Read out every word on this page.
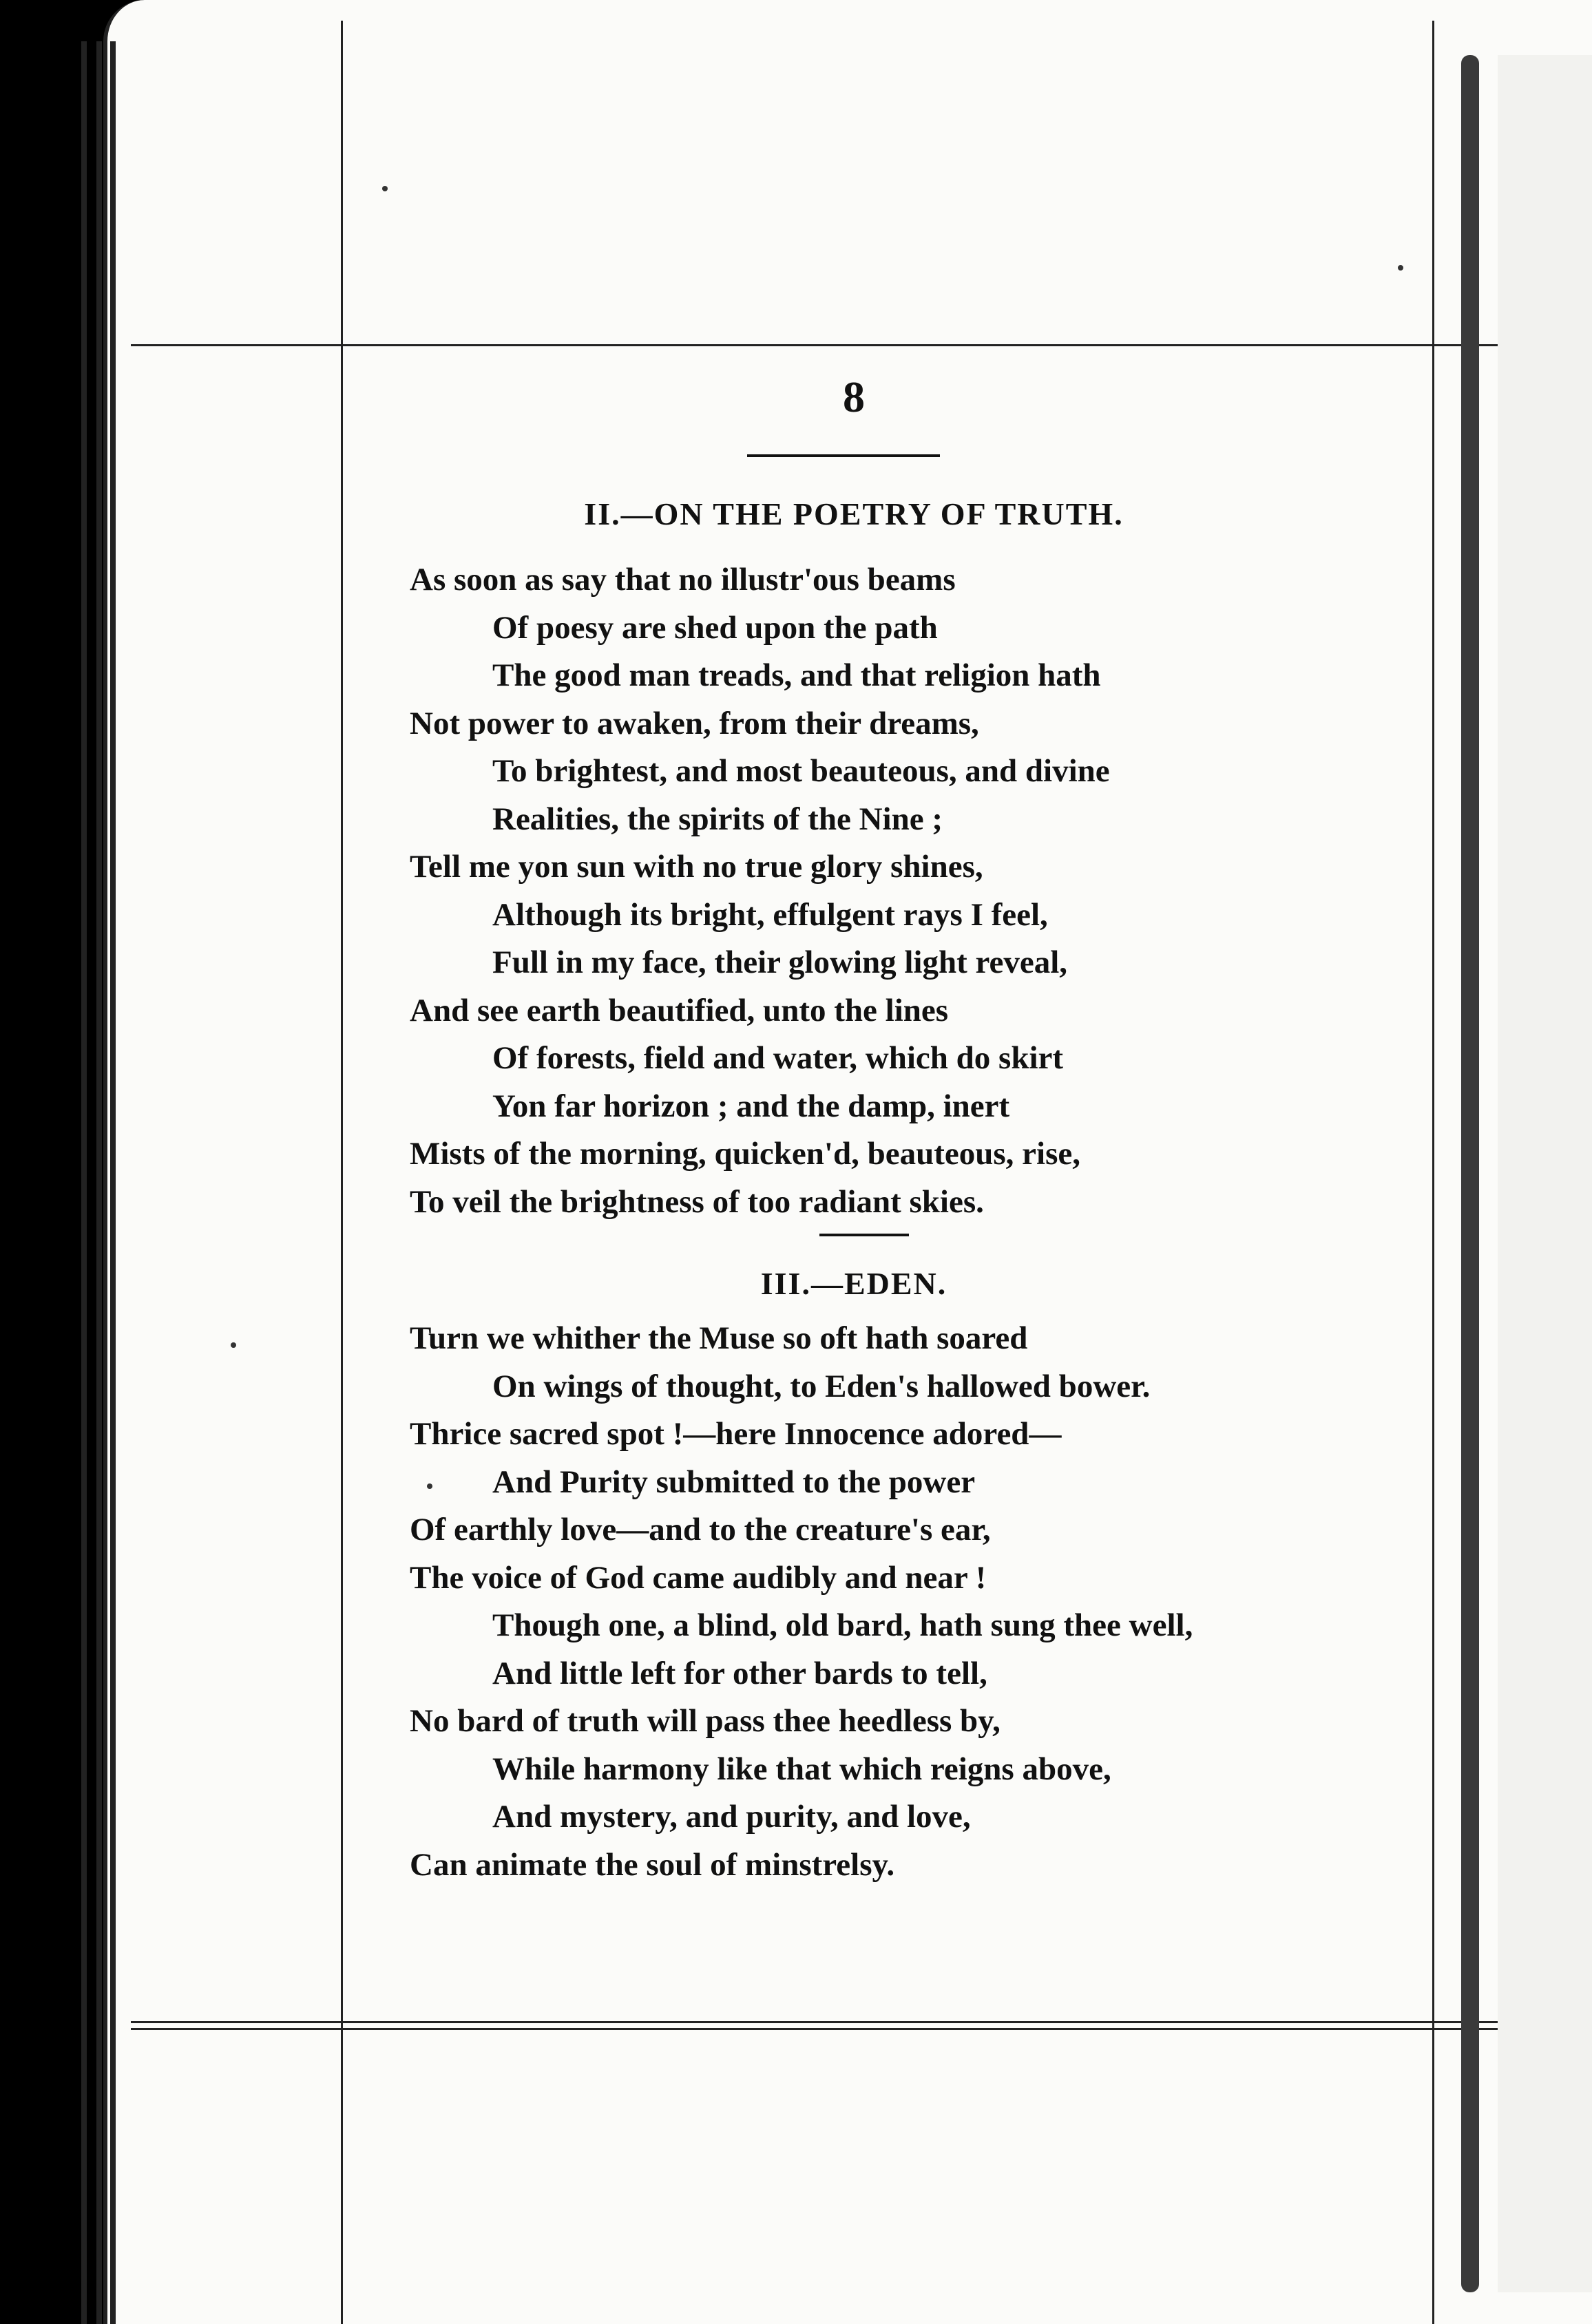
8
II.—ON THE POETRY OF TRUTH.
As soon as say that no illustr'ous beams
Of poesy are shed upon the path
The good man treads, and that religion hath
Not power to awaken, from their dreams,
To brightest, and most beauteous, and divine
Realities, the spirits of the Nine ;
Tell me yon sun with no true glory shines,
Although its bright, effulgent rays I feel,
Full in my face, their glowing light reveal,
And see earth beautified, unto the lines
Of forests, field and water, which do skirt
Yon far horizon ; and the damp, inert
Mists of the morning, quicken'd, beauteous, rise,
To veil the brightness of too radiant skies.
III.—EDEN.
Turn we whither the Muse so oft hath soared
On wings of thought, to Eden's hallowed bower.
Thrice sacred spot !—here Innocence adored—
And Purity submitted to the power
Of earthly love—and to the creature's ear,
The voice of God came audibly and near !
Though one, a blind, old bard, hath sung thee well,
And little left for other bards to tell,
No bard of truth will pass thee heedless by,
While harmony like that which reigns above,
And mystery, and purity, and love,
Can animate the soul of minstrelsy.
